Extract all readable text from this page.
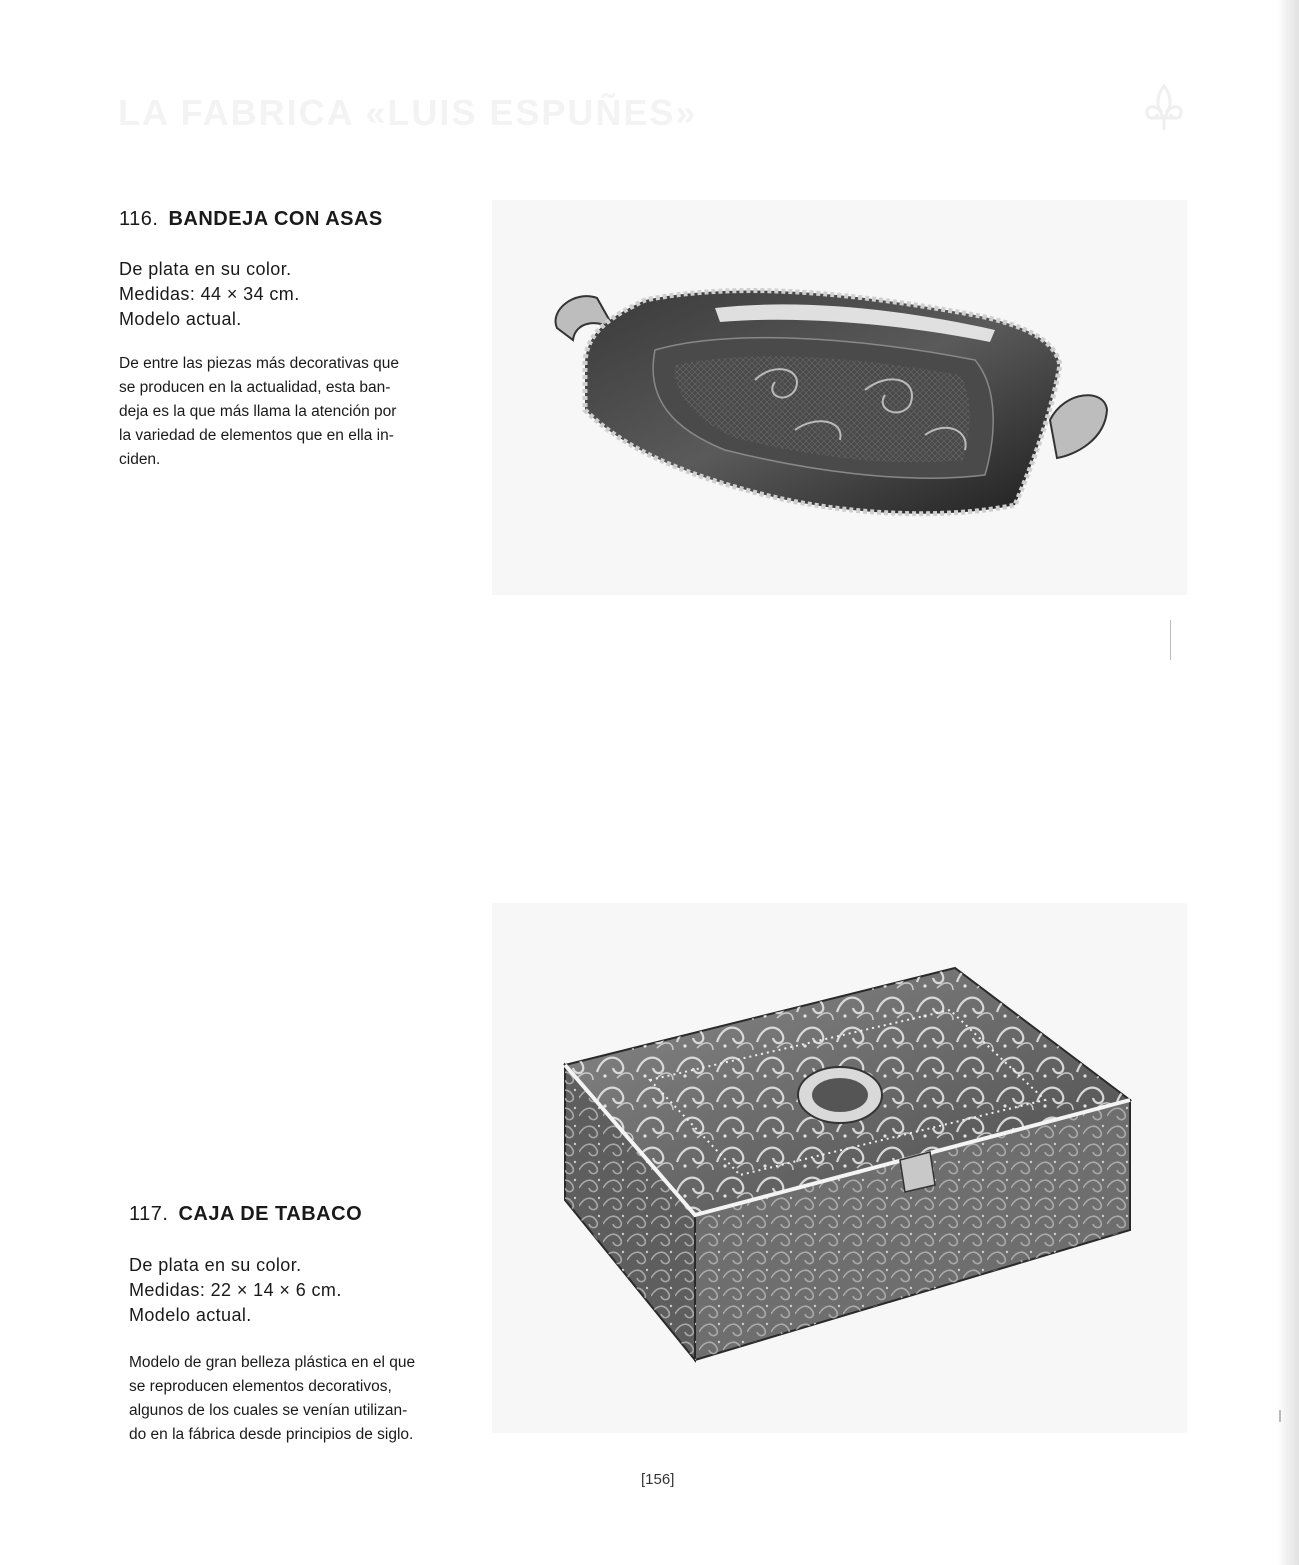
LA FABRICA «LUIS ESPUÑES»
116. BANDEJA CON ASAS
De plata en su color.
Medidas: 44 × 34 cm.
Modelo actual.
De entre las piezas más decorativas que
se producen en la actualidad, esta ban-
deja es la que más llama la atención por
la variedad de elementos que en ella in-
ciden.
117. CAJA DE TABACO
De plata en su color.
Medidas: 22 × 14 × 6 cm.
Modelo actual.
Modelo de gran belleza plástica en el que
se reproducen elementos decorativos,
algunos de los cuales se venían utilizan-
do en la fábrica desde principios de siglo.
[156]
